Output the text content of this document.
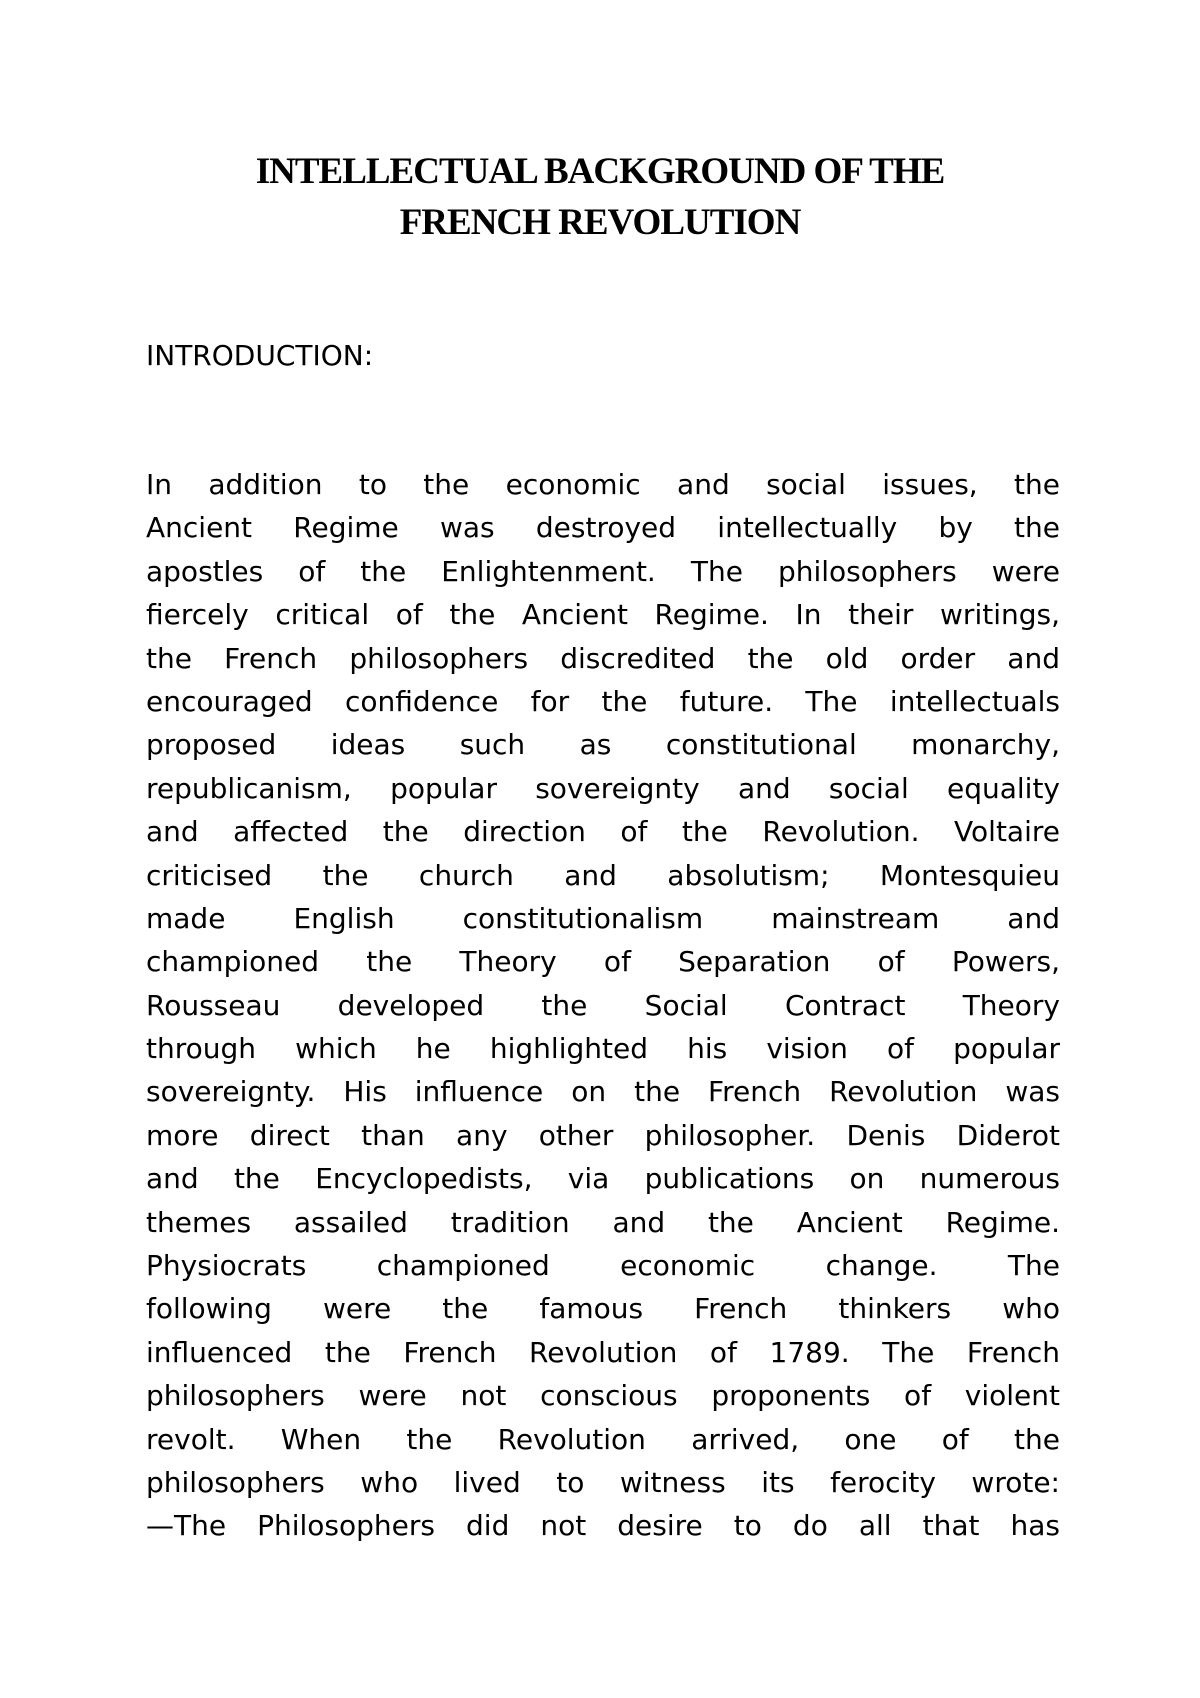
INTELLECTUAL BACKGROUND OF THE
FRENCH REVOLUTION
INTRODUCTION:
In addition to the economic and social issues, the
Ancient Regime was destroyed intellectually by the
apostles of the Enlightenment. The philosophers were
fiercely critical of the Ancient Regime. In their writings,
the French philosophers discredited the old order and
encouraged confidence for the future. The intellectuals
proposed ideas such as constitutional monarchy,
republicanism, popular sovereignty and social equality
and affected the direction of the Revolution. Voltaire
criticised the church and absolutism; Montesquieu
made English constitutionalism mainstream and
championed the Theory of Separation of Powers,
Rousseau developed the Social Contract Theory
through which he highlighted his vision of popular
sovereignty. His influence on the French Revolution was
more direct than any other philosopher. Denis Diderot
and the Encyclopedists, via publications on numerous
themes assailed tradition and the Ancient Regime.
Physiocrats championed economic change. The
following were the famous French thinkers who
influenced the French Revolution of 1789. The French
philosophers were not conscious proponents of violent
revolt. When the Revolution arrived, one of the
philosophers who lived to witness its ferocity wrote:
—The Philosophers did not desire to do all that has
